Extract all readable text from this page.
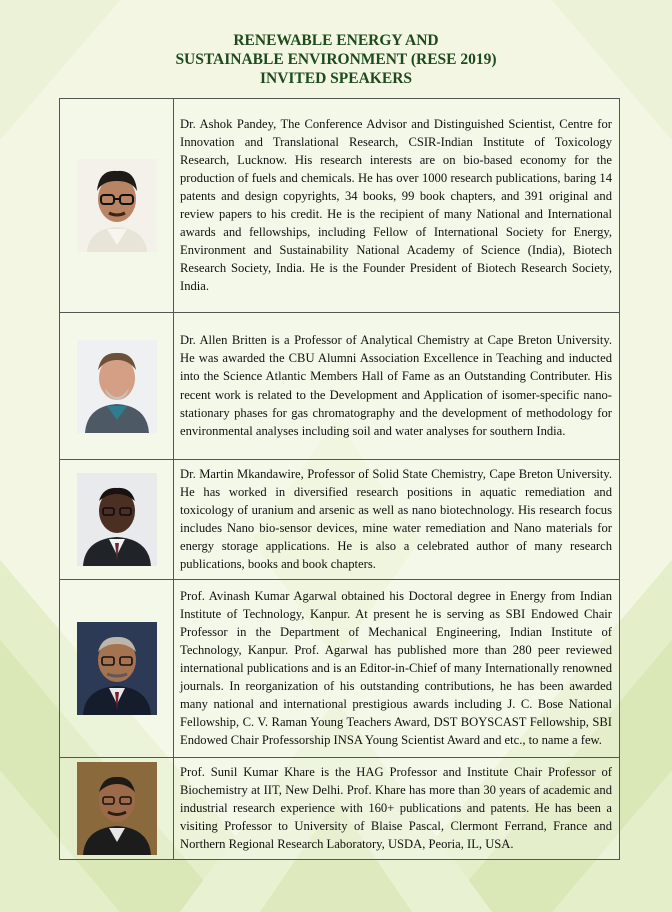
RENEWABLE ENERGY AND
SUSTAINABLE ENVIRONMENT (RESE 2019)
INVITED SPEAKERS
	Dr. Ashok Pandey, The Conference Advisor and Distinguished Scientist, Centre for Innovation and Translational Research, CSIR-Indian Institute of Toxicology Research, Lucknow. His research interests are on bio-based economy for the production of fuels and chemicals. He has over 1000 research publications, baring 14 patents and design copyrights, 34 books, 99 book chapters, and 391 original and review papers to his credit. He is the recipient of many National and International awards and fellowships, including Fellow of International Society for Energy, Environment and Sustainability National Academy of Science (India), Biotech Research Society, India. He is the Founder President of Biotech Research Society, India.

	Dr. Allen Britten is a Professor of Analytical Chemistry at Cape Breton University. He was awarded the CBU Alumni Association Excellence in Teaching and inducted into the Science Atlantic Members Hall of Fame as an Outstanding Contributer. His recent work is related to the Development and Application of isomer-specific nano-stationary phases for gas chromatography and the development of methodology for environmental analyses including soil and water analyses for southern India.

	Dr. Martin Mkandawire, Professor of Solid State Chemistry, Cape Breton University. He has worked in diversified research positions in aquatic remediation and toxicology of uranium and arsenic as well as nano biotechnology. His research focus includes Nano bio-sensor devices, mine water remediation and Nano materials for energy storage applications. He is also a celebrated author of many research publications, books and book chapters.

	Prof. Avinash Kumar Agarwal obtained his Doctoral degree in Energy from Indian Institute of Technology, Kanpur. At present he is serving as SBI Endowed Chair Professor in the Department of Mechanical Engineering, Indian Institute of Technology, Kanpur. Prof. Agarwal has published more than 280 peer reviewed international publications and is an Editor-in-Chief of many Internationally renowned journals. In reorganization of his outstanding contributions, he has been awarded many national and international prestigious awards including J. C. Bose National Fellowship, C. V. Raman Young Teachers Award, DST BOYSCAST Fellowship, SBI Endowed Chair Professorship INSA Young Scientist Award and etc., to name a few.

	Prof. Sunil Kumar Khare is the HAG Professor and Institute Chair Professor of Biochemistry at IIT, New Delhi. Prof. Khare has more than 30 years of academic and industrial research experience with 160+ publications and patents. He has been a visiting Professor to University of Blaise Pascal, Clermont Ferrand, France and Northern Regional Research Laboratory, USDA, Peoria, IL, USA.
